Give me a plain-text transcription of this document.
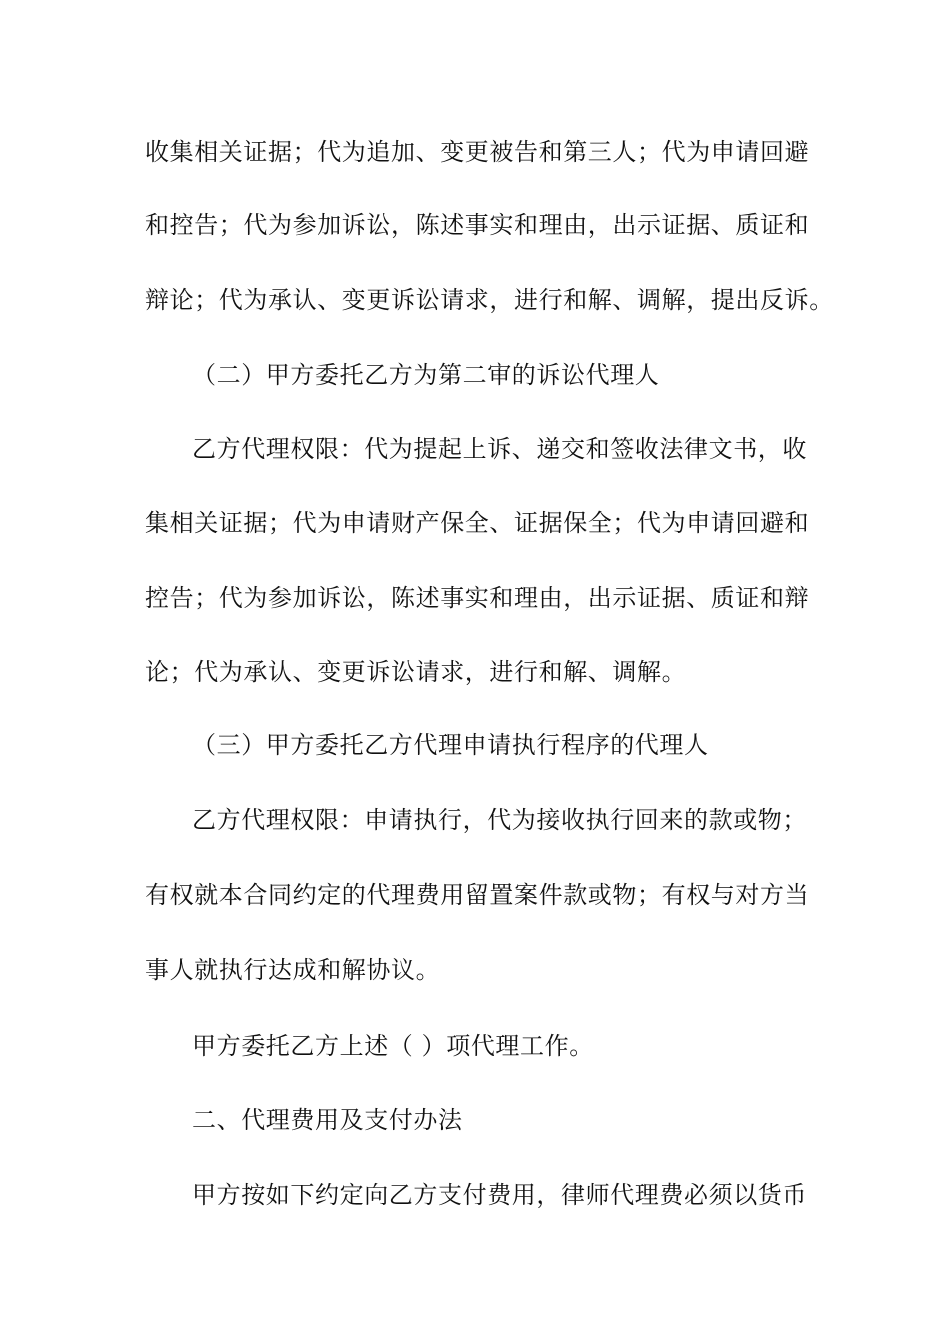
收集相关证据；代为追加、变更被告和第三人；代为申请回避
和控告；代为参加诉讼，陈述事实和理由，出示证据、质证和
辩论；代为承认、变更诉讼请求，进行和解、调解，提出反诉。
（二）甲方委托乙方为第二审的诉讼代理人
乙方代理权限：代为提起上诉、递交和签收法律文书，收
集相关证据；代为申请财产保全、证据保全；代为申请回避和
控告；代为参加诉讼，陈述事实和理由，出示证据、质证和辩
论；代为承认、变更诉讼请求，进行和解、调解。
（三）甲方委托乙方代理申请执行程序的代理人
乙方代理权限：申请执行，代为接收执行回来的款或物；
有权就本合同约定的代理费用留置案件款或物；有权与对方当
事人就执行达成和解协议。
甲方委托乙方上述（ ）项代理工作。
二、代理费用及支付办法
甲方按如下约定向乙方支付费用，律师代理费必须以货币
